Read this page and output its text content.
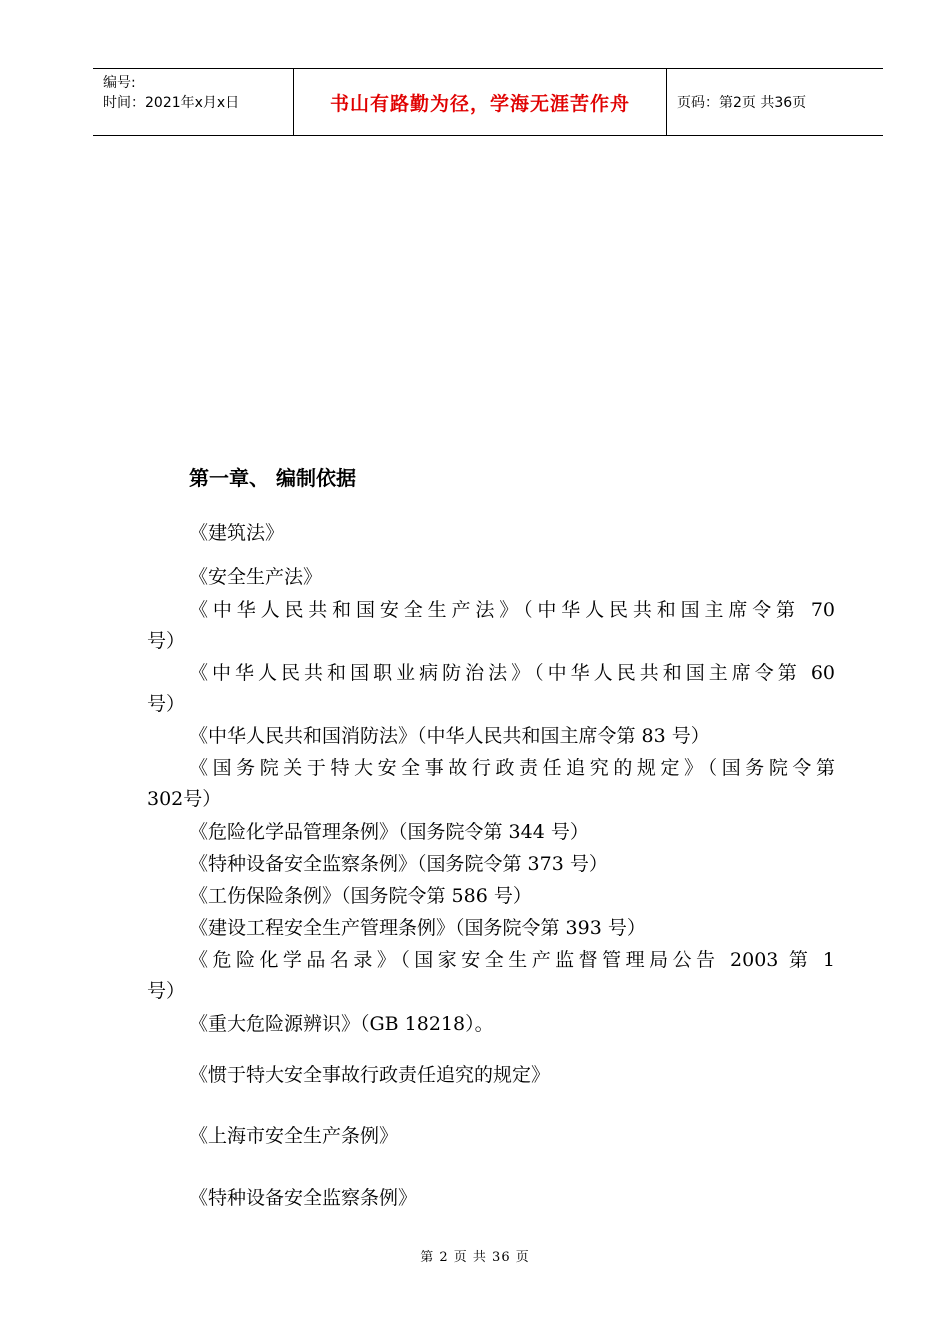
编号:
时间：2021年x月x日	书山有路勤为径，学海无涯苦作舟	页码：第2页 共36页
第一章、 编制依据
《建筑法》
《安全生产法》
《中华人民共和国安全生产法》（中华人民共和国主席令第 70
号）
《中华人民共和国职业病防治法》（中华人民共和国主席令第 60
号）
《中华人民共和国消防法》（中华人民共和国主席令第 83 号）
《国务院关于特大安全事故行政责任追究的规定》（国务院令第
302号）
《危险化学品管理条例》（国务院令第 344 号）
《特种设备安全监察条例》（国务院令第 373 号）
《工伤保险条例》（国务院令第 586 号）
《建设工程安全生产管理条例》（国务院令第 393 号）
《危险化学品名录》（国家安全生产监督管理局公告 2003 第 1
号）
《重大危险源辨识》（GB 18218）。
《惯于特大安全事故行政责任追究的规定》
《上海市安全生产条例》
《特种设备安全监察条例》
第 2 页 共 36 页
